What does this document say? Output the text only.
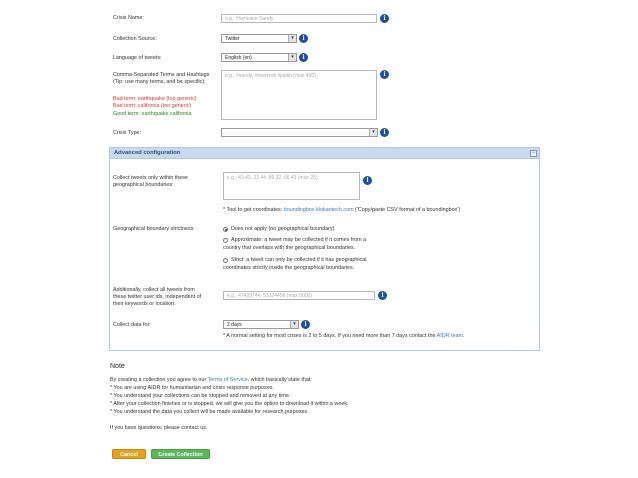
Crisis Name:	e.g., Hurricane Sandy	i
Collection Source:	Twitter	▾	i
Language of tweets:	English (en)	▾	i
Comma-Separated Terms and Hashtags
(Tip: use many terms, and be specific):
Bad term: earthquake (too generic)
Bad term: california (too generic)
Good term: earthquake california
e.g., #sandy, #newyork,#joplin (max 400)	i
Crisis Type:	▾	i
Advanced configuration	−
Collect tweets only within these
geographical boundaries:
e.g., 43.43, 22.44, 89.32, 56.43 (max 25)	i
* Tool to get coordinates: boundingbox.klokantech.com ('Copy/paste CSV format of a boundingbox')
Geographical boundary strictness:	Does not apply (no geographical boundary)
Approximate: a tweet may be collected if it comes from a
country that overlaps with the geographical boundaries.
Strict: a tweet can only be collected if it has geographical
coordinates strictly inside the geographical boundaries.
Additionally, collect all tweets from
these twitter user ids, independent of
their keywords or location:
e.g., 47423744, 53324456 (max 5000)	i
Collect data for:	2 days	▾	i
* A normal setting for most crises is 2 to 5 days. If you need more than 7 days contact the AIDR team.
Note
By creating a collection you agree to our Terms of Service, which basically state that:
* You are using AIDR for humanitarian and crisis response purposes.
* You understand your collections can be stopped and removed at any time.
* After your collection finishes or is stopped, we will give you the option to download it within a week.
* You understand the data you collect will be made available for research purposes.
If you have questions, please contact us.
Cancel	Create Collection
